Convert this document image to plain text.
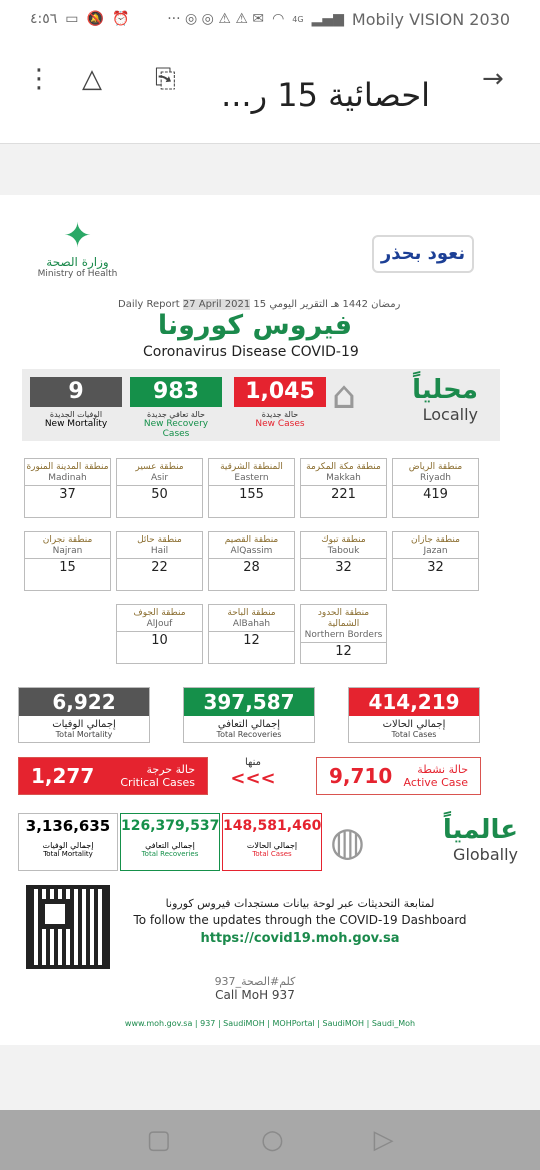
٤:٥٦ ▭ 🔕 ⏰	··· ◎ ◎ ⚠ ⚠ ✉ ◠ 4G ▂▄▆ Mobily VISION 2030
⋮ △ ⎘ احصائية 15 ر... →
✦
وزارة الصحة
Ministry of Health
نعود بحذر
Daily Report 27 April 2021 15 رمضان 1442 هـ التقرير اليومي
فيروس كورونا
Coronavirus Disease COVID-19
9
الوفيات الجديدة
New Mortality
983
حالة تعافي جديدة
New Recovery Cases
1,045
حالة جديدة
New Cases
⌂ محلياً
Locally
منطقة الرياض
Riyadh
419
منطقة مكة المكرمة
Makkah
221
المنطقة الشرقية
Eastern
155
منطقة عسير
Asir
50
منطقة المدينة المنورة
Madinah
37
منطقة جازان
Jazan
32
منطقة تبوك
Tabouk
32
منطقة القصيم
AlQassim
28
منطقة حائل
Hail
22
منطقة نجران
Najran
15
منطقة الحدود الشمالية
Northern Borders
12
منطقة الباحة
AlBahah
12
منطقة الجوف
AlJouf
10
6,922
إجمالي الوفيات
Total Mortality
397,587
إجمالي التعافي
Total Recoveries
414,219
إجمالي الحالات
Total Cases
1,277	حالة حرجة
Critical Cases
منها
<<<	9,710	حالة نشطة
Active Case
3,136,635
إجمالي الوفيات
Total Mortality
126,379,537
إجمالي التعافي
Total Recoveries
148,581,460
إجمالي الحالات
Total Cases ◍	عالمياً
Globally
لمتابعة التحديثات عبر لوحة بيانات مستجدات فيروس كورونا
To follow the updates through the COVID-19 Dashboard
https://covid19.moh.gov.sa
كلم#الصحة_937
Call MoH 937
www.moh.gov.sa | 937 | SaudiMOH | MOHPortal | SaudiMOH | Saudi_Moh
▢	○	▷
